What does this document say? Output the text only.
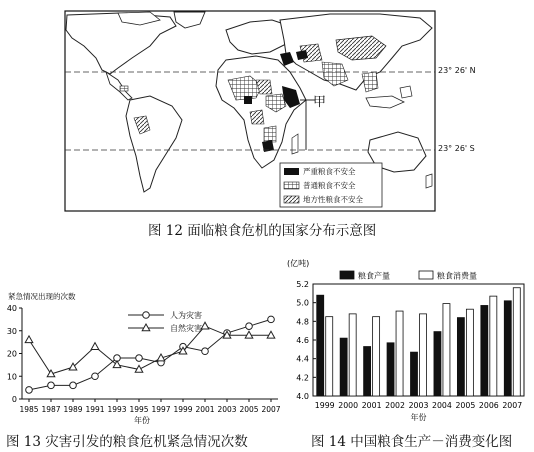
23° 26' N
23° 26' S
甲
严重粮食不安全
普通粮食不安全
地方性粮食不安全
图 12 面临粮食危机的国家分布示意图
紧急情况出现的次数
0
10
20
30
40
1985 1987 1989 1991 1993 1995 1997 1999 2001 2003 2005 2007
年份
人为灾害
自然灾害
图 13 灾害引发的粮食危机紧急情况次数
(亿吨)
4.0
4.2
4.4
4.6
4.8
5.0
5.2
1999 2000 2001 2002 2003 2004 2005 2006 2007
年份
粮食产量	粮食消费量
图 14 中国粮食生产－消费变化图
